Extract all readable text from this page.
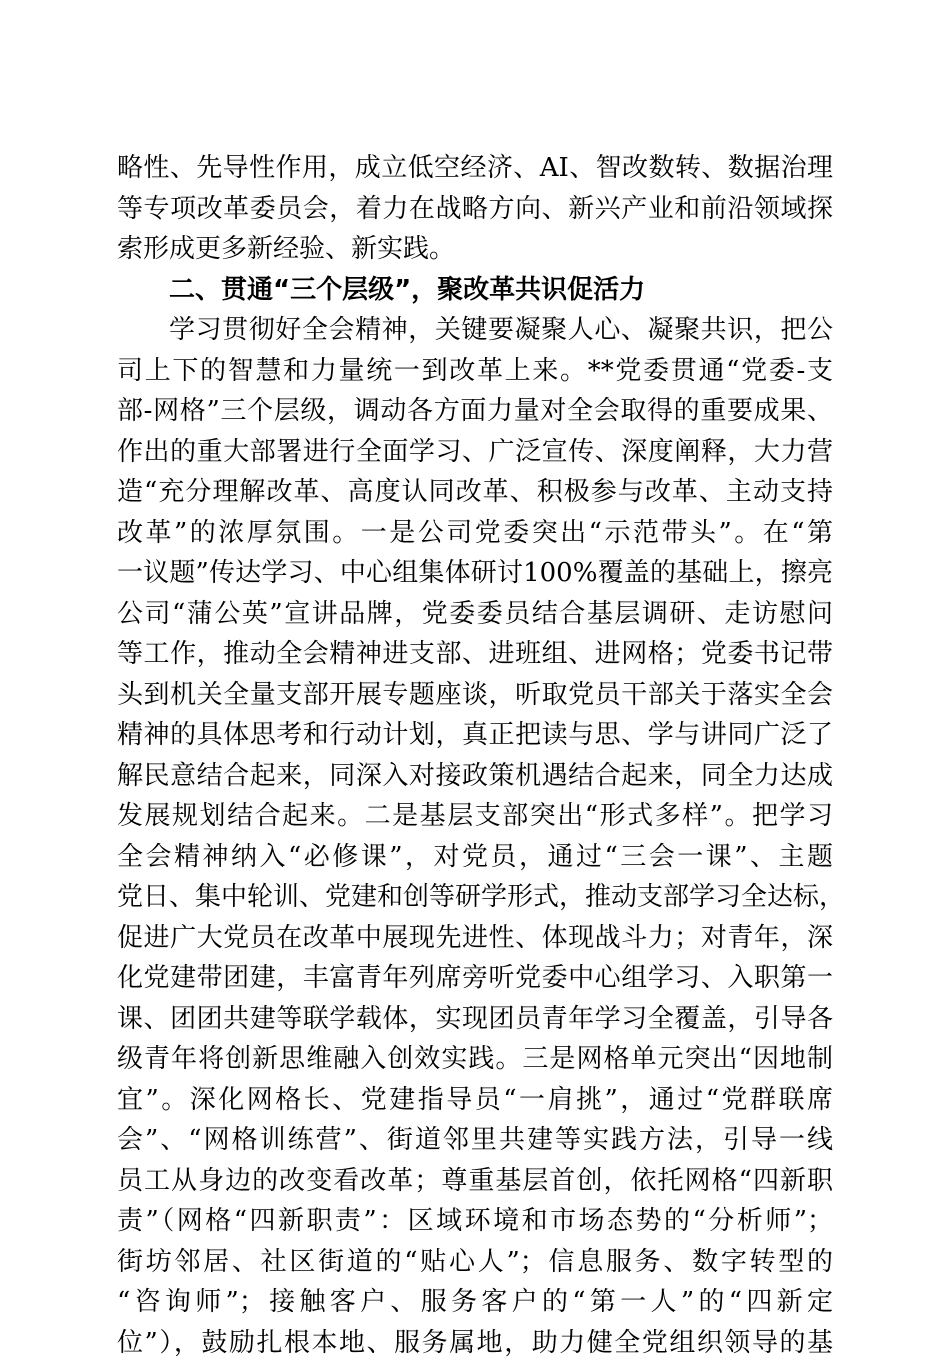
略性、先导性作用，成立低空经济、AI、智改数转、数据治理
等专项改革委员会，着力在战略方向、新兴产业和前沿领域探
索形成更多新经验、新实践。
二、贯通“三个层级”，聚改革共识促活力
学习贯彻好全会精神，关键要凝聚人心、凝聚共识，把公
司上下的智慧和力量统一到改革上来。**党委贯通“党委-支
部-网格”三个层级，调动各方面力量对全会取得的重要成果、
作出的重大部署进行全面学习、广泛宣传、深度阐释，大力营
造“充分理解改革、高度认同改革、积极参与改革、主动支持
改革”的浓厚氛围。一是公司党委突出“示范带头”。在“第
一议题”传达学习、中心组集体研讨100%覆盖的基础上，擦亮
公司“蒲公英”宣讲品牌，党委委员结合基层调研、走访慰问
等工作，推动全会精神进支部、进班组、进网格；党委书记带
头到机关全量支部开展专题座谈，听取党员干部关于落实全会
精神的具体思考和行动计划，真正把读与思、学与讲同广泛了
解民意结合起来，同深入对接政策机遇结合起来，同全力达成
发展规划结合起来。二是基层支部突出“形式多样”。把学习
全会精神纳入“必修课”，对党员，通过“三会一课”、主题
党日、集中轮训、党建和创等研学形式，推动支部学习全达标，
促进广大党员在改革中展现先进性、体现战斗力；对青年，深
化党建带团建，丰富青年列席旁听党委中心组学习、入职第一
课、团团共建等联学载体，实现团员青年学习全覆盖，引导各
级青年将创新思维融入创效实践。三是网格单元突出“因地制
宜”。深化网格长、党建指导员“一肩挑”，通过“党群联席
会”、“网格训练营”、街道邻里共建等实践方法，引导一线
员工从身边的改变看改革；尊重基层首创，依托网格“四新职
责”（网格“四新职责”：区域环境和市场态势的“分析师”；
街坊邻居、社区街道的“贴心人”；信息服务、数字转型的
“咨询师”；接触客户、服务客户的“第一人”的“四新定
位”），鼓励扎根本地、服务属地，助力健全党组织领导的基
